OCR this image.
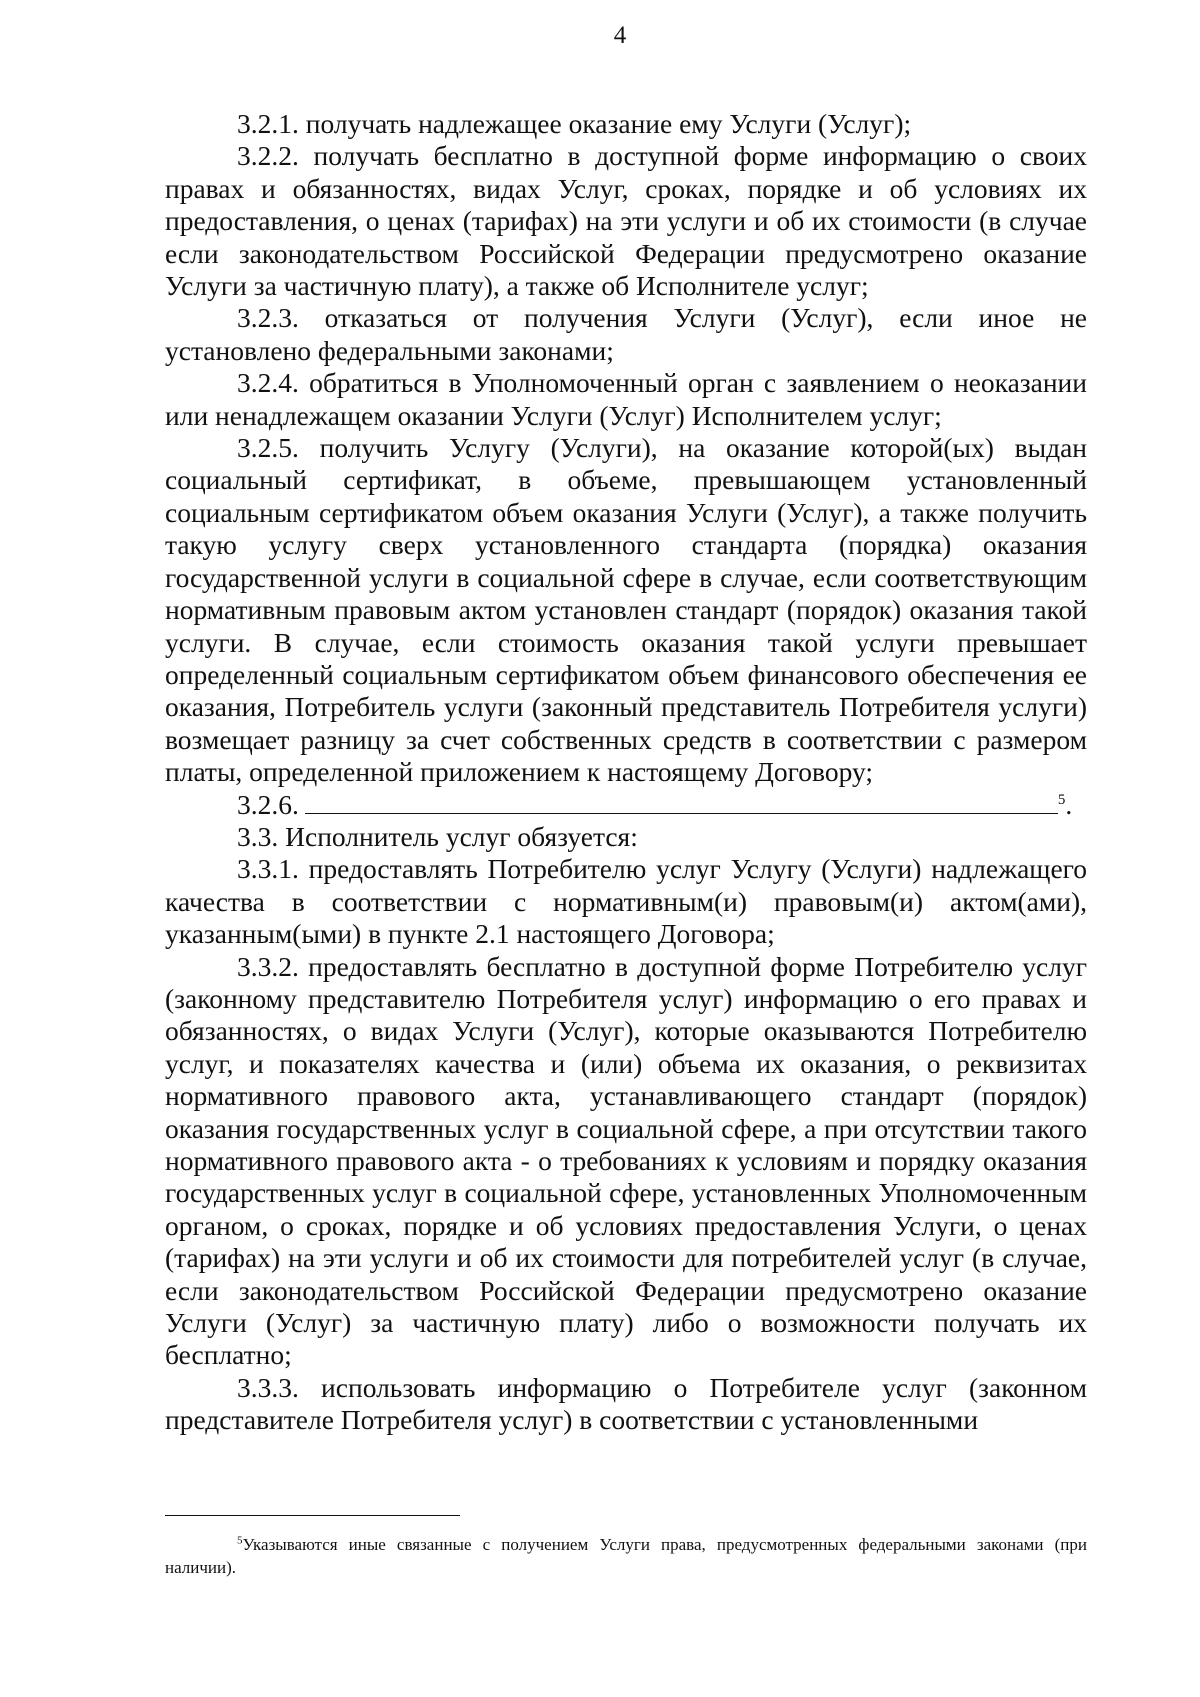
4

3.2.1. получать надлежащее оказание ему Услуги (Услуг);

3.2.2. получать бесплатно в доступной форме информацию о своих правах и обязанностях, видах Услуг, сроках, порядке и об условиях их предоставления, о ценах (тарифах) на эти услуги и об их стоимости (в случае если законодательством Российской Федерации предусмотрено оказание Услуги за частичную плату), а также об Исполнителе услуг;

3.2.3. отказаться от получения Услуги (Услуг), если иное не установлено федеральными законами;

3.2.4. обратиться в Уполномоченный орган с заявлением о неоказании или ненадлежащем оказании Услуги (Услуг) Исполнителем услуг;

3.2.5. получить Услугу (Услуги), на оказание которой(ых) выдан социальный сертификат, в объеме, превышающем установленный социальным сертификатом объем оказания Услуги (Услуг), а также получить такую услугу сверх установленного стандарта (порядка) оказания государственной услуги в социальной сфере в случае, если соответствующим нормативным правовым актом установлен стандарт (порядок) оказания такой услуги. В случае, если стоимость оказания такой услуги превышает определенный социальным сертификатом объем финансового обеспечения ее оказания, Потребитель услуги (законный представитель Потребителя услуги) возмещает разницу за счет собственных средств в соответствии с размером платы, определенной приложением к настоящему Договору;

3.2.6.	$^5$.

3.3. Исполнитель услуг обязуется:

3.3.1. предоставлять Потребителю услуг Услугу (Услуги) надлежащего качества в соответствии с нормативным(и) правовым(и) актом(ами), указанным(ыми) в пункте 2.1 настоящего Договора;

3.3.2. предоставлять бесплатно в доступной форме Потребителю услуг (законному представителю Потребителя услуг) информацию о его правах и обязанностях, о видах Услуги (Услуг), которые оказываются Потребителю услуг, и показателях качества и (или) объема их оказания, о реквизитах нормативного правового акта, устанавливающего стандарт (порядок) оказания государственных услуг в социальной сфере, а при отсутствии такого нормативного правового акта - о требованиях к условиям и порядку оказания государственных услуг в социальной сфере, установленных Уполномоченным органом, о сроках, порядке и об условиях предоставления Услуги, о ценах (тарифах) на эти услуги и об их стоимости для потребителей услуг (в случае, если законодательством Российской Федерации предусмотрено оказание Услуги (Услуг) за частичную плату) либо о возможности получать их бесплатно;

3.3.3. использовать информацию о Потребителе услуг (законном представителе Потребителя услуг) в соответствии с установленными

$^5$Указываются иные связанные с получением Услуги права, предусмотренных федеральными законами (при наличии).
